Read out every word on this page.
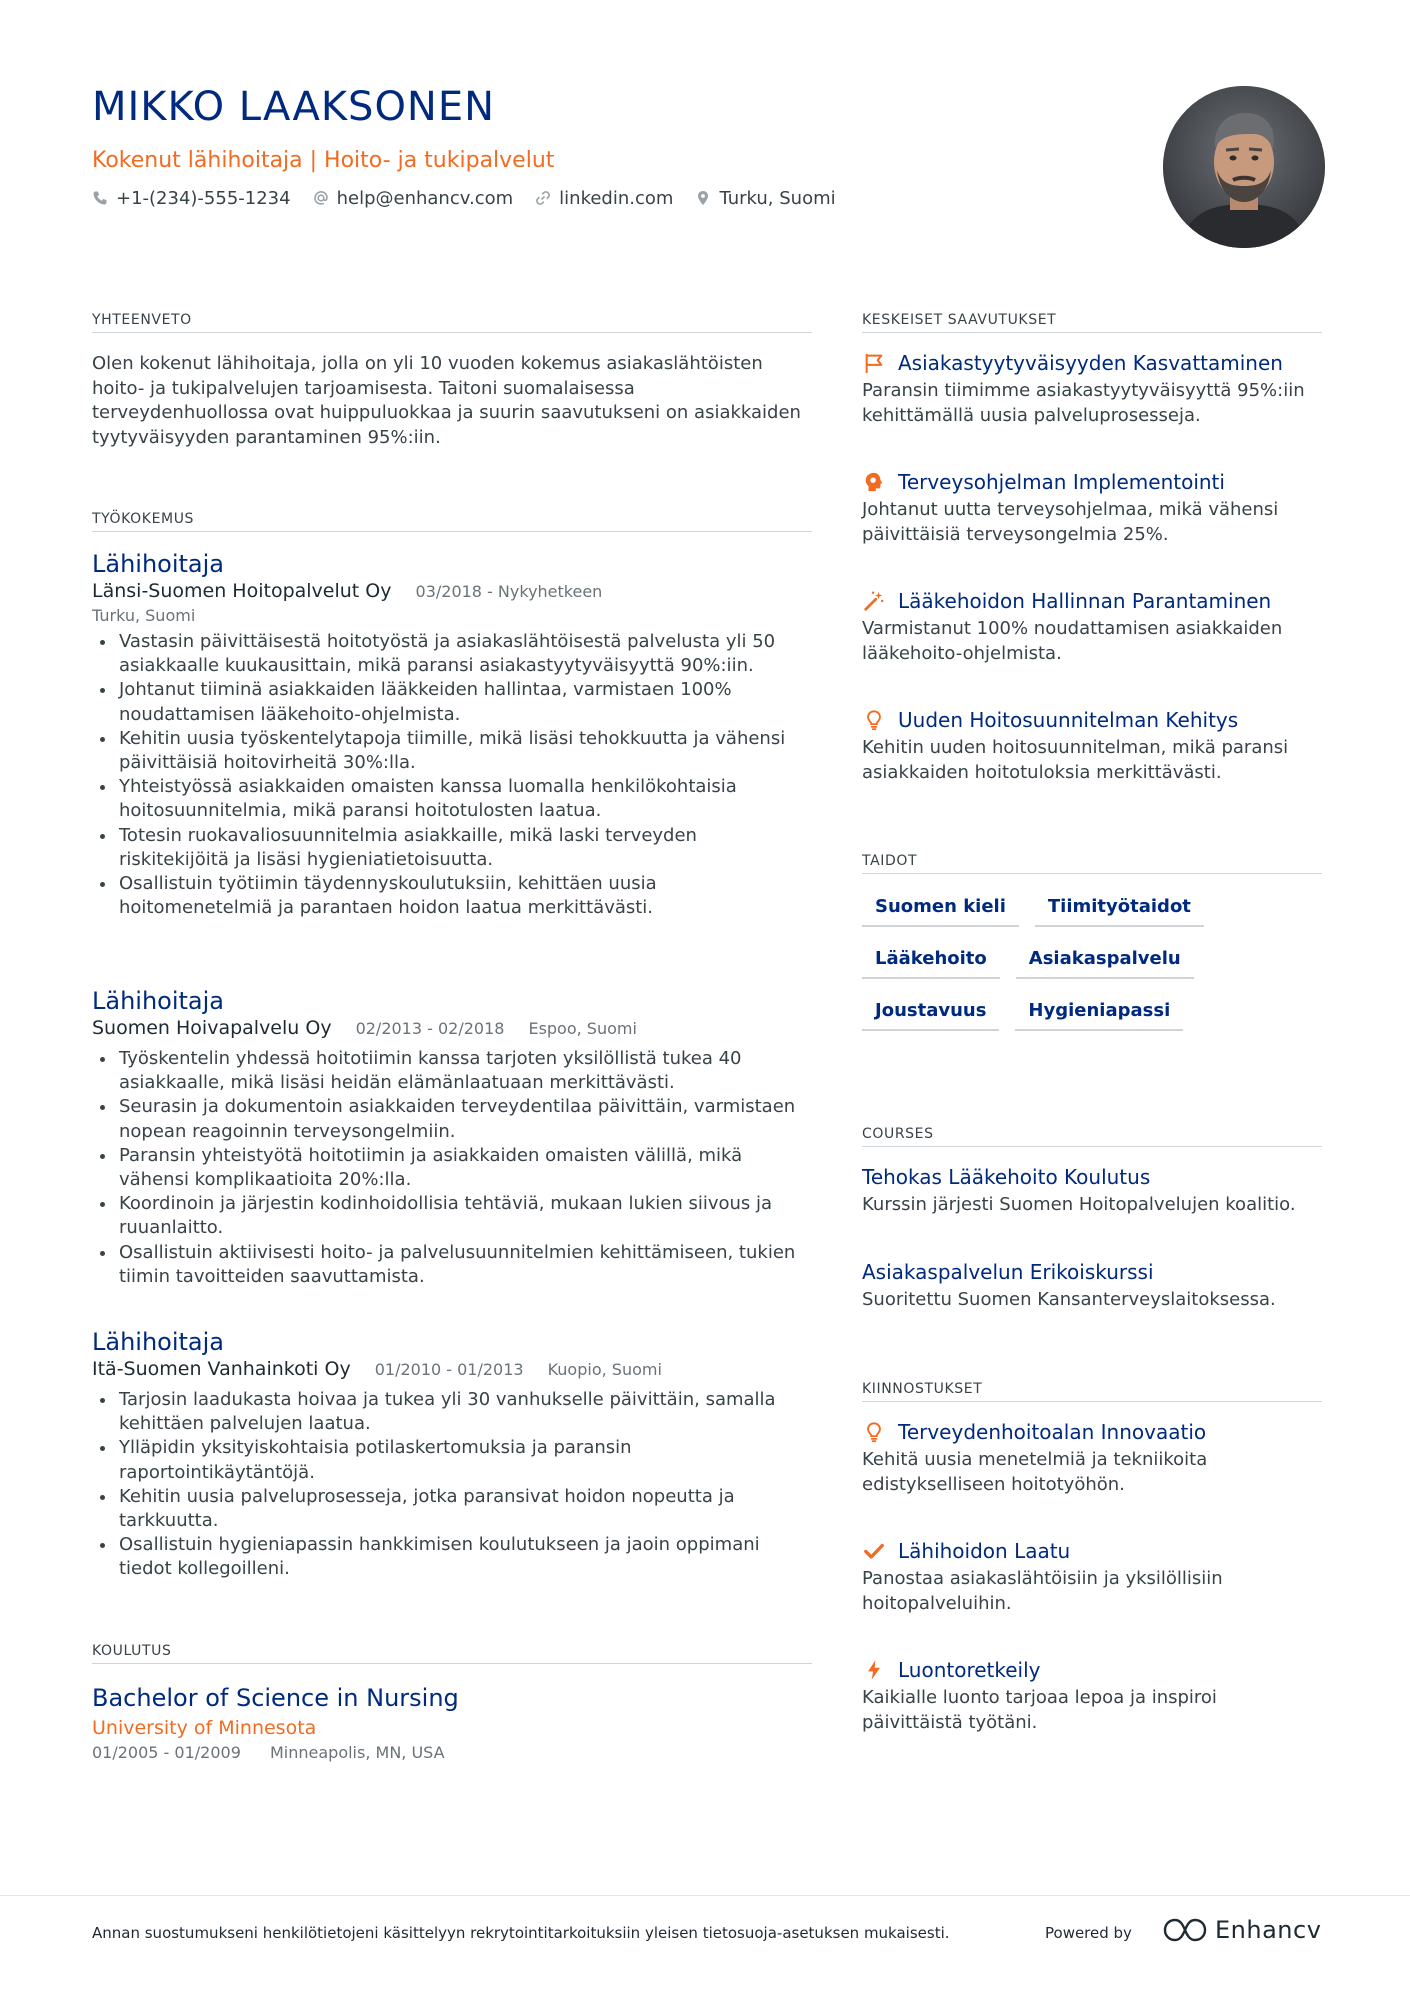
MIKKO LAAKSONEN
Kokenut lähihoitaja | Hoito- ja tukipalvelut
+1-(234)-555-1234	help@enhancv.com	linkedin.com	Turku, Suomi
YHTEENVETO

Olen kokenut lähihoitaja, jolla on yli 10 vuoden kokemus asiakaslähtöisten hoito- ja tukipalvelujen tarjoamisesta. Taitoni suomalaisessa terveydenhuollossa ovat huippuluokkaa ja suurin saavutukseni on asiakkaiden tyytyväisyyden parantaminen 95%:iin.

TYÖKOKEMUS
Lähihoitaja
Länsi-Suomen Hoitopalvelut Oy 03/2018 - Nykyhetkeen
Turku, Suomi
Vastasin päivittäisestä hoitotyöstä ja asiakaslähtöisestä palvelusta yli 50 asiakkaalle kuukausittain, mikä paransi asiakastyytyväisyyttä 90%:iin.
Johtanut tiiminä asiakkaiden lääkkeiden hallintaa, varmistaen 100% noudattamisen lääkehoito-ohjelmista.
Kehitin uusia työskentelytapoja tiimille, mikä lisäsi tehokkuutta ja vähensi päivittäisiä hoitovirheitä 30%:lla.
Yhteistyössä asiakkaiden omaisten kanssa luomalla henkilökohtaisia hoitosuunnitelmia, mikä paransi hoitotulosten laatua.
Totesin ruokavaliosuunnitelmia asiakkaille, mikä laski terveyden riskitekijöitä ja lisäsi hygieniatietoisuutta.
Osallistuin työtiimin täydennyskoulutuksiin, kehittäen uusia hoitomenetelmiä ja parantaen hoidon laatua merkittävästi.
Lähihoitaja
Suomen Hoivapalvelu Oy 02/2013 - 02/2018 Espoo, Suomi
Työskentelin yhdessä hoitotiimin kanssa tarjoten yksilöllistä tukea 40 asiakkaalle, mikä lisäsi heidän elämänlaatuaan merkittävästi.
Seurasin ja dokumentoin asiakkaiden terveydentilaa päivittäin, varmistaen nopean reagoinnin terveysongelmiin.
Paransin yhteistyötä hoitotiimin ja asiakkaiden omaisten välillä, mikä vähensi komplikaatioita 20%:lla.
Koordinoin ja järjestin kodinhoidollisia tehtäviä, mukaan lukien siivous ja ruuanlaitto.
Osallistuin aktiivisesti hoito- ja palvelusuunnitelmien kehittämiseen, tukien tiimin tavoitteiden saavuttamista.
Lähihoitaja
Itä-Suomen Vanhainkoti Oy 01/2010 - 01/2013 Kuopio, Suomi
Tarjosin laadukasta hoivaa ja tukea yli 30 vanhukselle päivittäin, samalla kehittäen palvelujen laatua.
Ylläpidin yksityiskohtaisia potilaskertomuksia ja paransin raportointikäytäntöjä.
Kehitin uusia palveluprosesseja, jotka paransivat hoidon nopeutta ja tarkkuutta.
Osallistuin hygieniapassin hankkimisen koulutukseen ja jaoin oppimani tiedot kollegoilleni.
KOULUTUS
Bachelor of Science in Nursing
University of Minnesota
01/2005 - 01/2009 Minneapolis, MN, USA
KESKEISET SAAVUTUKSET
Asiakastyytyväisyyden Kasvattaminen
Paransin tiimimme asiakastyytyväisyyttä 95%:iin kehittämällä uusia palveluprosesseja.
Terveysohjelman Implementointi
Johtanut uutta terveysohjelmaa, mikä vähensi päivittäisiä terveysongelmia 25%.
Lääkehoidon Hallinnan Parantaminen
Varmistanut 100% noudattamisen asiakkaiden lääkehoito-ohjelmista.
Uuden Hoitosuunnitelman Kehitys
Kehitin uuden hoitosuunnitelman, mikä paransi asiakkaiden hoitotuloksia merkittävästi.
TAIDOT
Suomen kieli	Tiimityötaidot
Lääkehoito	Asiakaspalvelu
Joustavuus	Hygieniapassi
COURSES
Tehokas Lääkehoito Koulutus
Kurssin järjesti Suomen Hoitopalvelujen koalitio.
Asiakaspalvelun Erikoiskurssi
Suoritettu Suomen Kansanterveyslaitoksessa.
KIINNOSTUKSET
Terveydenhoitoalan Innovaatio
Kehitä uusia menetelmiä ja tekniikoita edistykselliseen hoitotyöhön.
Lähihoidon Laatu
Panostaa asiakaslähtöisiin ja yksilöllisiin hoitopalveluihin.
Luontoretkeily
Kaikialle luonto tarjoaa lepoa ja inspiroi päivittäistä työtäni.
Annan suostumukseni henkilötietojeni käsittelyyn rekrytointitarkoituksiin yleisen tietosuoja-asetuksen mukaisesti.	Powered by	Enhancv
